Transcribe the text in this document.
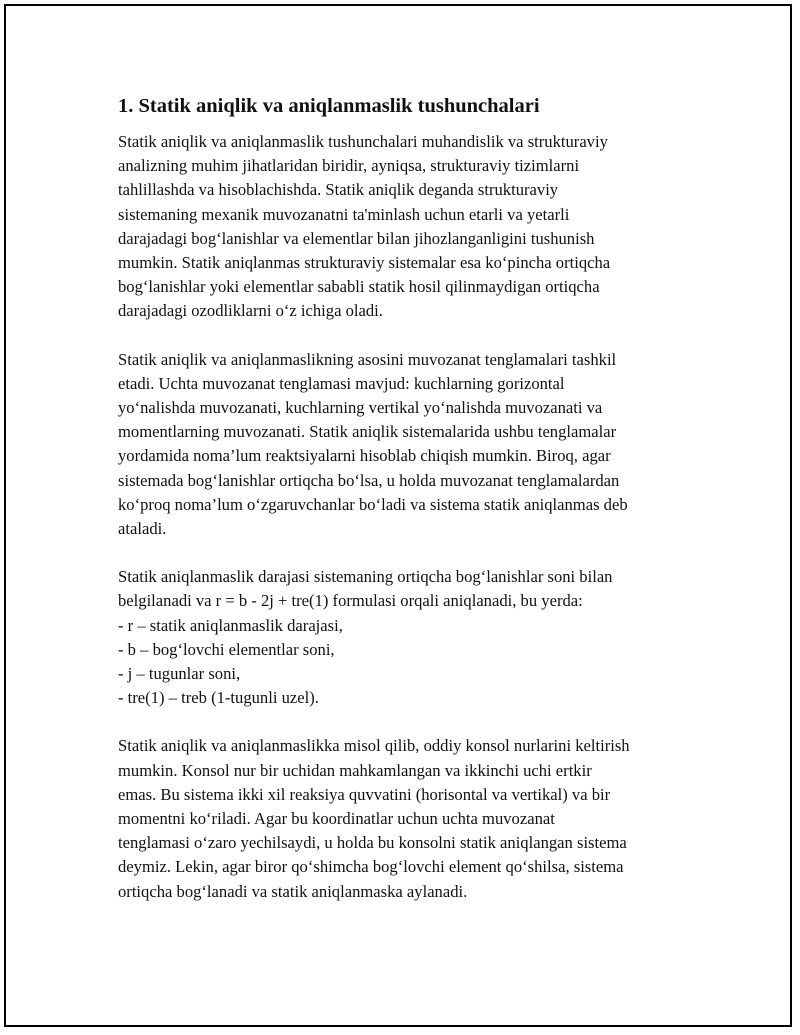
1. Statik aniqlik va aniqlanmaslik tushunchalari

Statik aniqlik va aniqlanmaslik tushunchalari muhandislik va strukturaviy
analizning muhim jihatlaridan biridir, ayniqsa, strukturaviy tizimlarni
tahlillashda va hisoblachishda. Statik aniqlik deganda strukturaviy
sistemaning mexanik muvozanatni ta'minlash uchun etarli va yetarli
darajadagi bog‘lanishlar va elementlar bilan jihozlanganligini tushunish
mumkin. Statik aniqlanmas strukturaviy sistemalar esa ko‘pincha ortiqcha
bog‘lanishlar yoki elementlar sababli statik hosil qilinmaydigan ortiqcha
darajadagi ozodliklarni o‘z ichiga oladi.

Statik aniqlik va aniqlanmaslikning asosini muvozanat tenglamalari tashkil
etadi. Uchta muvozanat tenglamasi mavjud: kuchlarning gorizontal
yo‘nalishda muvozanati, kuchlarning vertikal yo‘nalishda muvozanati va
momentlarning muvozanati. Statik aniqlik sistemalarida ushbu tenglamalar
yordamida noma’lum reaktsiyalarni hisoblab chiqish mumkin. Biroq, agar
sistemada bog‘lanishlar ortiqcha bo‘lsa, u holda muvozanat tenglamalardan
ko‘proq noma’lum o‘zgaruvchanlar bo‘ladi va sistema statik aniqlanmas deb
ataladi.

Statik aniqlanmaslik darajasi sistemaning ortiqcha bog‘lanishlar soni bilan
belgilanadi va r = b - 2j + tre(1) formulasi orqali aniqlanadi, bu yerda:
- r – statik aniqlanmaslik darajasi,
- b – bog‘lovchi elementlar soni,
- j – tugunlar soni,
- tre(1) – treb (1-tugunli uzel).

Statik aniqlik va aniqlanmaslikka misol qilib, oddiy konsol nurlarini keltirish
mumkin. Konsol nur bir uchidan mahkamlangan va ikkinchi uchi ertkir
emas. Bu sistema ikki xil reaksiya quvvatini (horisontal va vertikal) va bir
momentni ko‘riladi. Agar bu koordinatlar uchun uchta muvozanat
tenglamasi o‘zaro yechilsaydi, u holda bu konsolni statik aniqlangan sistema
deymiz. Lekin, agar biror qo‘shimcha bog‘lovchi element qo‘shilsa, sistema
ortiqcha bog‘lanadi va statik aniqlanmaska aylanadi.
